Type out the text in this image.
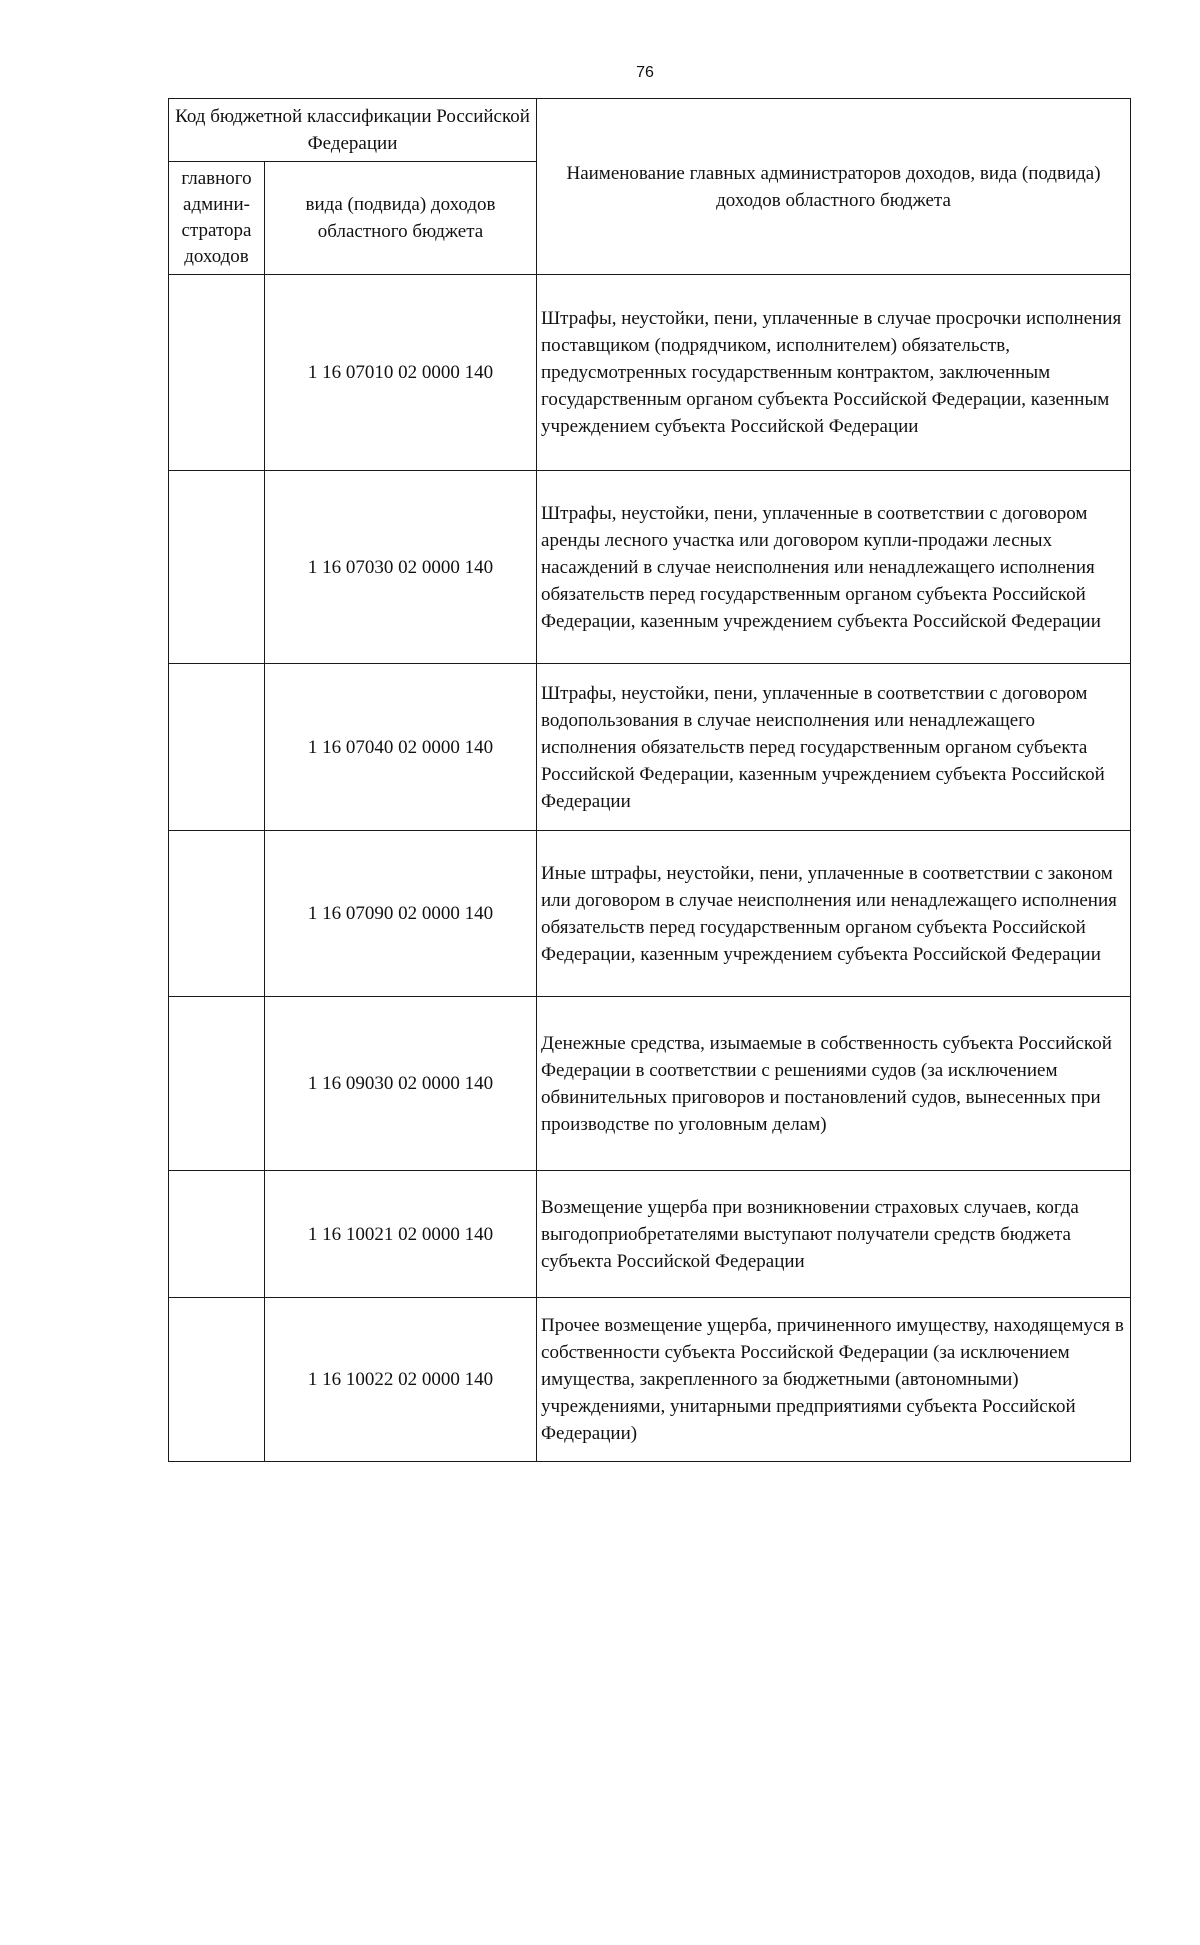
76
Код бюджетной классификации Российской Федерации		Наименование главных администраторов доходов, вида (подвида) доходов областного бюджета
главного админи-стратора доходов	вида (подвида) доходов областного бюджета	
	1 16 07010 02 0000 140	Штрафы, неустойки, пени, уплаченные в случае просрочки исполнения поставщиком (подрядчиком, исполнителем) обязательств, предусмотренных государственным контрактом, заключенным государственным органом субъекта Российской Федерации, казенным учреждением субъекта Российской Федерации
	1 16 07030 02 0000 140	Штрафы, неустойки, пени, уплаченные в соответствии с договором аренды лесного участка или договором купли-продажи лесных насаждений в случае неисполнения или ненадлежащего исполнения обязательств перед государственным органом субъекта Российской Федерации, казенным учреждением субъекта Российской Федерации
	1 16 07040 02 0000 140	Штрафы, неустойки, пени, уплаченные в соответствии с договором водопользования в случае неисполнения или ненадлежащего исполнения обязательств перед государственным органом субъекта Российской Федерации, казенным учреждением субъекта Российской Федерации
	1 16 07090 02 0000 140	Иные штрафы, неустойки, пени, уплаченные в соответствии с законом или договором в случае неисполнения или ненадлежащего исполнения обязательств перед государственным органом субъекта Российской Федерации, казенным учреждением субъекта Российской Федерации
	1 16 09030 02 0000 140	Денежные средства, изымаемые в собственность субъекта Российской Федерации в соответствии с решениями судов (за исключением обвинительных приговоров и постановлений судов, вынесенных при производстве по уголовным делам)
	1 16 10021 02 0000 140	Возмещение ущерба при возникновении страховых случаев, когда выгодоприобретателями выступают получатели средств бюджета субъекта Российской Федерации
	1 16 10022 02 0000 140	Прочее возмещение ущерба, причиненного имуществу, находящемуся в собственности субъекта Российской Федерации (за исключением имущества, закрепленного за бюджетными (автономными) учреждениями, унитарными предприятиями субъекта Российской Федерации)
